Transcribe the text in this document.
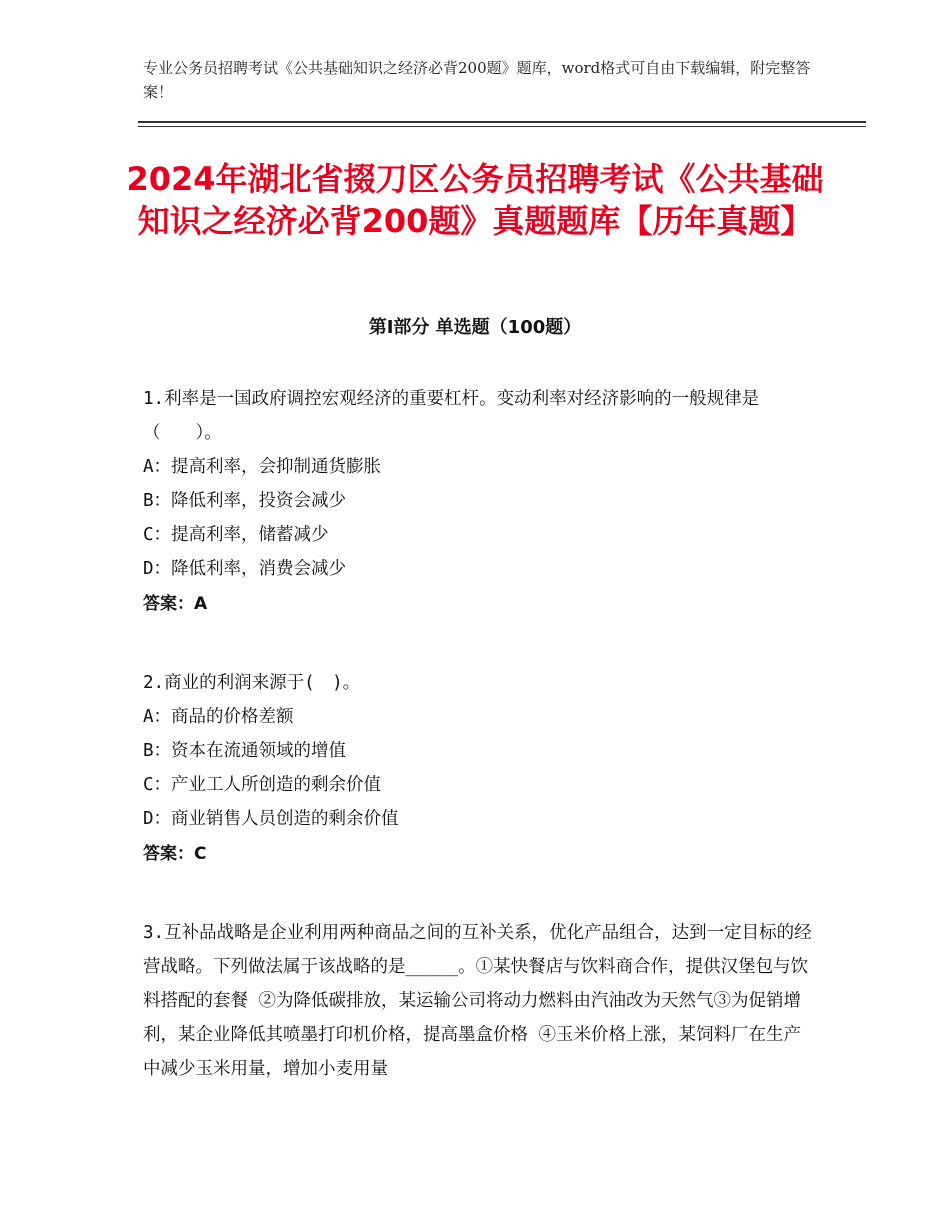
专业公务员招聘考试《公共基础知识之经济必背200题》题库，word格式可自由下载编辑，附完整答案！
2024年湖北省掇刀区公务员招聘考试《公共基础知识之经济必背200题》真题题库【历年真题】
第Ⅰ部分 单选题（100题）

1.利率是一国政府调控宏观经济的重要杠杆。变动利率对经济影响的一般规律是（　　）。

A：提高利率，会抑制通货膨胀

B：降低利率，投资会减少

C：提高利率，储蓄减少

D：降低利率，消费会减少

答案：A

2.商业的利润来源于(　)。

A：商品的价格差额

B：资本在流通领域的增值

C：产业工人所创造的剩余价值

D：商业销售人员创造的剩余价值

答案：C

3.互补品战略是企业利用两种商品之间的互补关系，优化产品组合，达到一定目标的经营战略。下列做法属于该战略的是_____。①某快餐店与饮料商合作，提供汉堡包与饮料搭配的套餐 ②为降低碳排放，某运输公司将动力燃料由汽油改为天然气③为促销增利，某企业降低其喷墨打印机价格，提高墨盒价格 ④玉米价格上涨，某饲料厂在生产中减少玉米用量，增加小麦用量
